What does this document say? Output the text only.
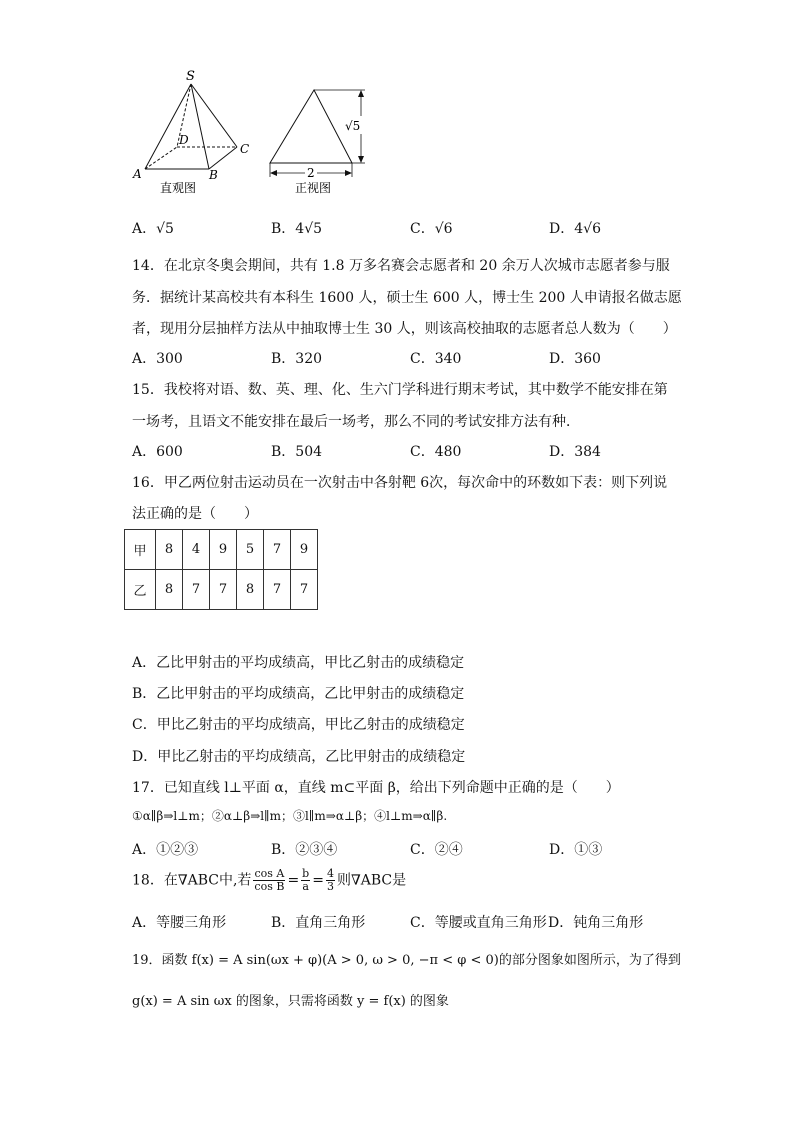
S
D
C
A	B
直观图
√5
2
正视图
A．√5	B．4√5	C．√6	D．4√6
14．在北京冬奥会期间，共有 1.8 万多名赛会志愿者和 20 余万人次城市志愿者参与服
务．据统计某高校共有本科生 1600 人，硕士生 600 人，博士生 200 人申请报名做志愿
者，现用分层抽样方法从中抽取博士生 30 人，则该高校抽取的志愿者总人数为（　　）
A．300	B．320	C．340	D．360
15．我校将对语、数、英、理、化、生六门学科进行期末考试，其中数学不能安排在第
一场考，且语文不能安排在最后一场考，那么不同的考试安排方法有种．
A．600	B．504	C．480	D．384
16．甲乙两位射击运动员在一次射击中各射靶 6次，每次命中的环数如下表：则下列说
法正确的是（　　）
甲	8	4	9	5	7	9
乙	8	7	7	8	7	7
A．乙比甲射击的平均成绩高，甲比乙射击的成绩稳定
B．乙比甲射击的平均成绩高，乙比甲射击的成绩稳定
C．甲比乙射击的平均成绩高，甲比乙射击的成绩稳定
D．甲比乙射击的平均成绩高，乙比甲射击的成绩稳定
17．已知直线 l⊥平面 α，直线 m⊂平面 β，给出下列命题中正确的是（　　）
①α∥β⇒l⊥m；②α⊥β⇒l∥m；③l∥m⇒α⊥β；④l⊥m⇒α∥β.
A．①②③	B．②③④	C．②④	D．①③
18．在∇ABC中,若 $\frac{\text{cos A}}{\text{cos B}} = \frac{b}{a} = \frac{4}{3}$ 则∇ABC是
A．等腰三角形	B．直角三角形	C．等腰或直角三角形 D．钝角三角形
19．函数 f(x) = A sin(ωx + φ)(A > 0, ω > 0, −π < φ < 0)的部分图象如图所示，为了得到
g(x) = A sin ωx 的图象，只需将函数 y = f(x) 的图象
